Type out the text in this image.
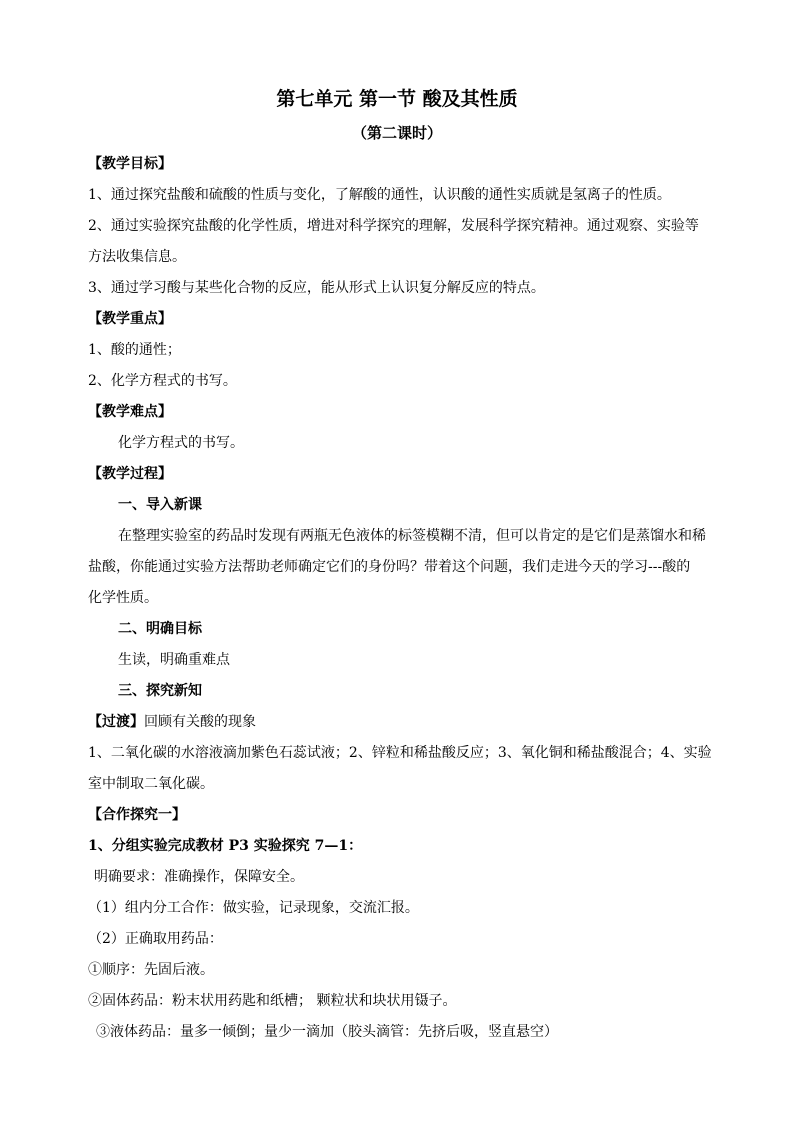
第七单元 第一节 酸及其性质
（第二课时）
【教学目标】
1、通过探究盐酸和硫酸的性质与变化，了解酸的通性，认识酸的通性实质就是氢离子的性质。
2、通过实验探究盐酸的化学性质，增进对科学探究的理解，发展科学探究精神。通过观察、实验等
方法收集信息。
3、通过学习酸与某些化合物的反应，能从形式上认识复分解反应的特点。
【教学重点】
1、酸的通性；
2、化学方程式的书写。
【教学难点】
化学方程式的书写。
【教学过程】
一、导入新课
在整理实验室的药品时发现有两瓶无色液体的标签模糊不清，但可以肯定的是它们是蒸馏水和稀
盐酸，你能通过实验方法帮助老师确定它们的身份吗？带着这个问题，我们走进今天的学习---酸的
化学性质。
二、明确目标
生读，明确重难点
三、探究新知
【过渡】回顾有关酸的现象
1、二氧化碳的水溶液滴加紫色石蕊试液；2、锌粒和稀盐酸反应；3、氧化铜和稀盐酸混合；4、实验
室中制取二氧化碳。
【合作探究一】
1、分组实验完成教材 P3 实验探究 7—1：
明确要求：准确操作，保障安全。
（1）组内分工合作：做实验，记录现象，交流汇报。
（2）正确取用药品：
①顺序：先固后液。
②固体药品：粉末状用药匙和纸槽； 颗粒状和块状用镊子。
③液体药品：量多一倾倒；量少一滴加（胶头滴管：先挤后吸，竖直悬空）
